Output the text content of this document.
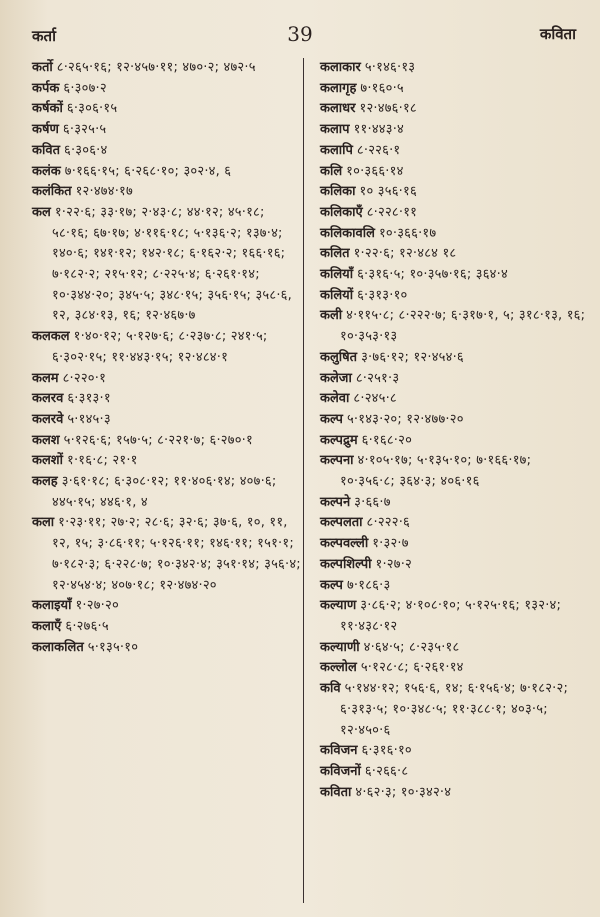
कर्ता	39	कविता
कर्तो ८·२६५·१६; १२·४५७·११; ४७०·२; ४७२·५
कर्पक ६·३०७·२
कर्षकों ६·३०६·१५
कर्षण ६·३२५·५
कवित ६·३०६·४
कलंक ७·१६६·१५; ६·२६८·१०; ३०२·४, ६
कलंकित १२·४७४·१७
कल १·२२·६; ३३·१७; २·४३·८; ४४·१२; ४५·१८; ५८·१६; ६७·१७; ४·११६·१८; ५·१३६·२; १३७·४; १४०·६; १४१·१२; १४२·१८; ६·१६२·२; १६६·१६; ७·१८२·२; २१५·१२; ८·२२५·४; ६·२६१·१४; १०·३४४·२०; ३४५·५; ३४८·१५; ३५६·१५; ३५८·६, १२, ३८४·१३, १६; १२·४६७·७
कलकल १·४०·१२; ५·१२७·६; ८·२३७·८; २४१·५; ६·३०२·१५; ११·४४३·१५; १२·४८४·१
कलम ८·२२०·१
कलरव ६·३१३·१
कलरवे ५·१४५·३
कलश ५·१२६·६; १५७·५; ८·२२१·७; ६·२७०·१
कलशों १·१६·८; २१·१
कलह ३·६१·१८; ६·३०८·१२; ११·४०६·१४; ४०७·६; ४४५·१५; ४४६·१, ४
कला १·२३·११; २७·२; २८·६; ३२·६; ३७·६, १०, ११, १२, १५; ३·८६·११; ५·१२६·११; १४६·११; १५१·१; ७·१८२·३; ६·२२८·७; १०·३४२·४; ३५१·१४; ३५६·४; १२·४५४·४; ४०७·१८; १२·४७४·२०
कलाइयाँ १·२७·२०
कलाएँ ६·२७६·५
कलाकलित ५·१३५·१०
कलाकार ५·१४६·१३
कलागृह ७·१६०·५
कलाधर १२·४७६·१८
कलाप ११·४४३·४
कलापि ८·२२६·१
कलि १०·३६६·१४
कलिका १० ३५६·१६
कलिकाएँ ८·२२८·११
कलिकावलि १०·३६६·१७
कलित १·२२·६; १२·४८४ १८
कलियाँ ६·३१६·५; १०·३५७·१६; ३६४·४
कलियों ६·३१३·१०
कली ४·११५·८; ८·२२२·७; ६·३१७·१, ५; ३१८·१३, १६; १०·३५३·१३
कलुषित ३·७६·१२; १२·४५४·६
कलेजा ८·२५१·३
कलेवा ८·२४५·८
कल्प ५·१४३·२०; १२·४७७·२०
कल्पद्रुम ६·१६८·२०
कल्पना ४·१०५·१७; ५·१३५·१०; ७·१६६·१७; १०·३५६·८; ३६४·३; ४०६·१६
कल्पने ३·६६·७
कल्पलता ८·२२२·६
कल्पवल्ली १·३२·७
कल्पशिल्पी १·२७·२
कल्प ७·१८६·३
कल्याण ३·८६·२; ४·१०८·१०; ५·१२५·१६; १३२·४; ११·४३८·१२
कल्याणी ४·६४·५; ८·२३५·१८
कल्लोल ५·१२८·८; ६·२६१·१४
कवि ५·१४४·१२; १५६·६, १४; ६·१५६·४; ७·१८२·२; ६·३१३·५; १०·३४८·५; ११·३८८·१; ४०३·५; १२·४५०·६
कविजन ६·३१६·१०
कविजनों ६·२६६·८
कविता ४·६२·३; १०·३४२·४
